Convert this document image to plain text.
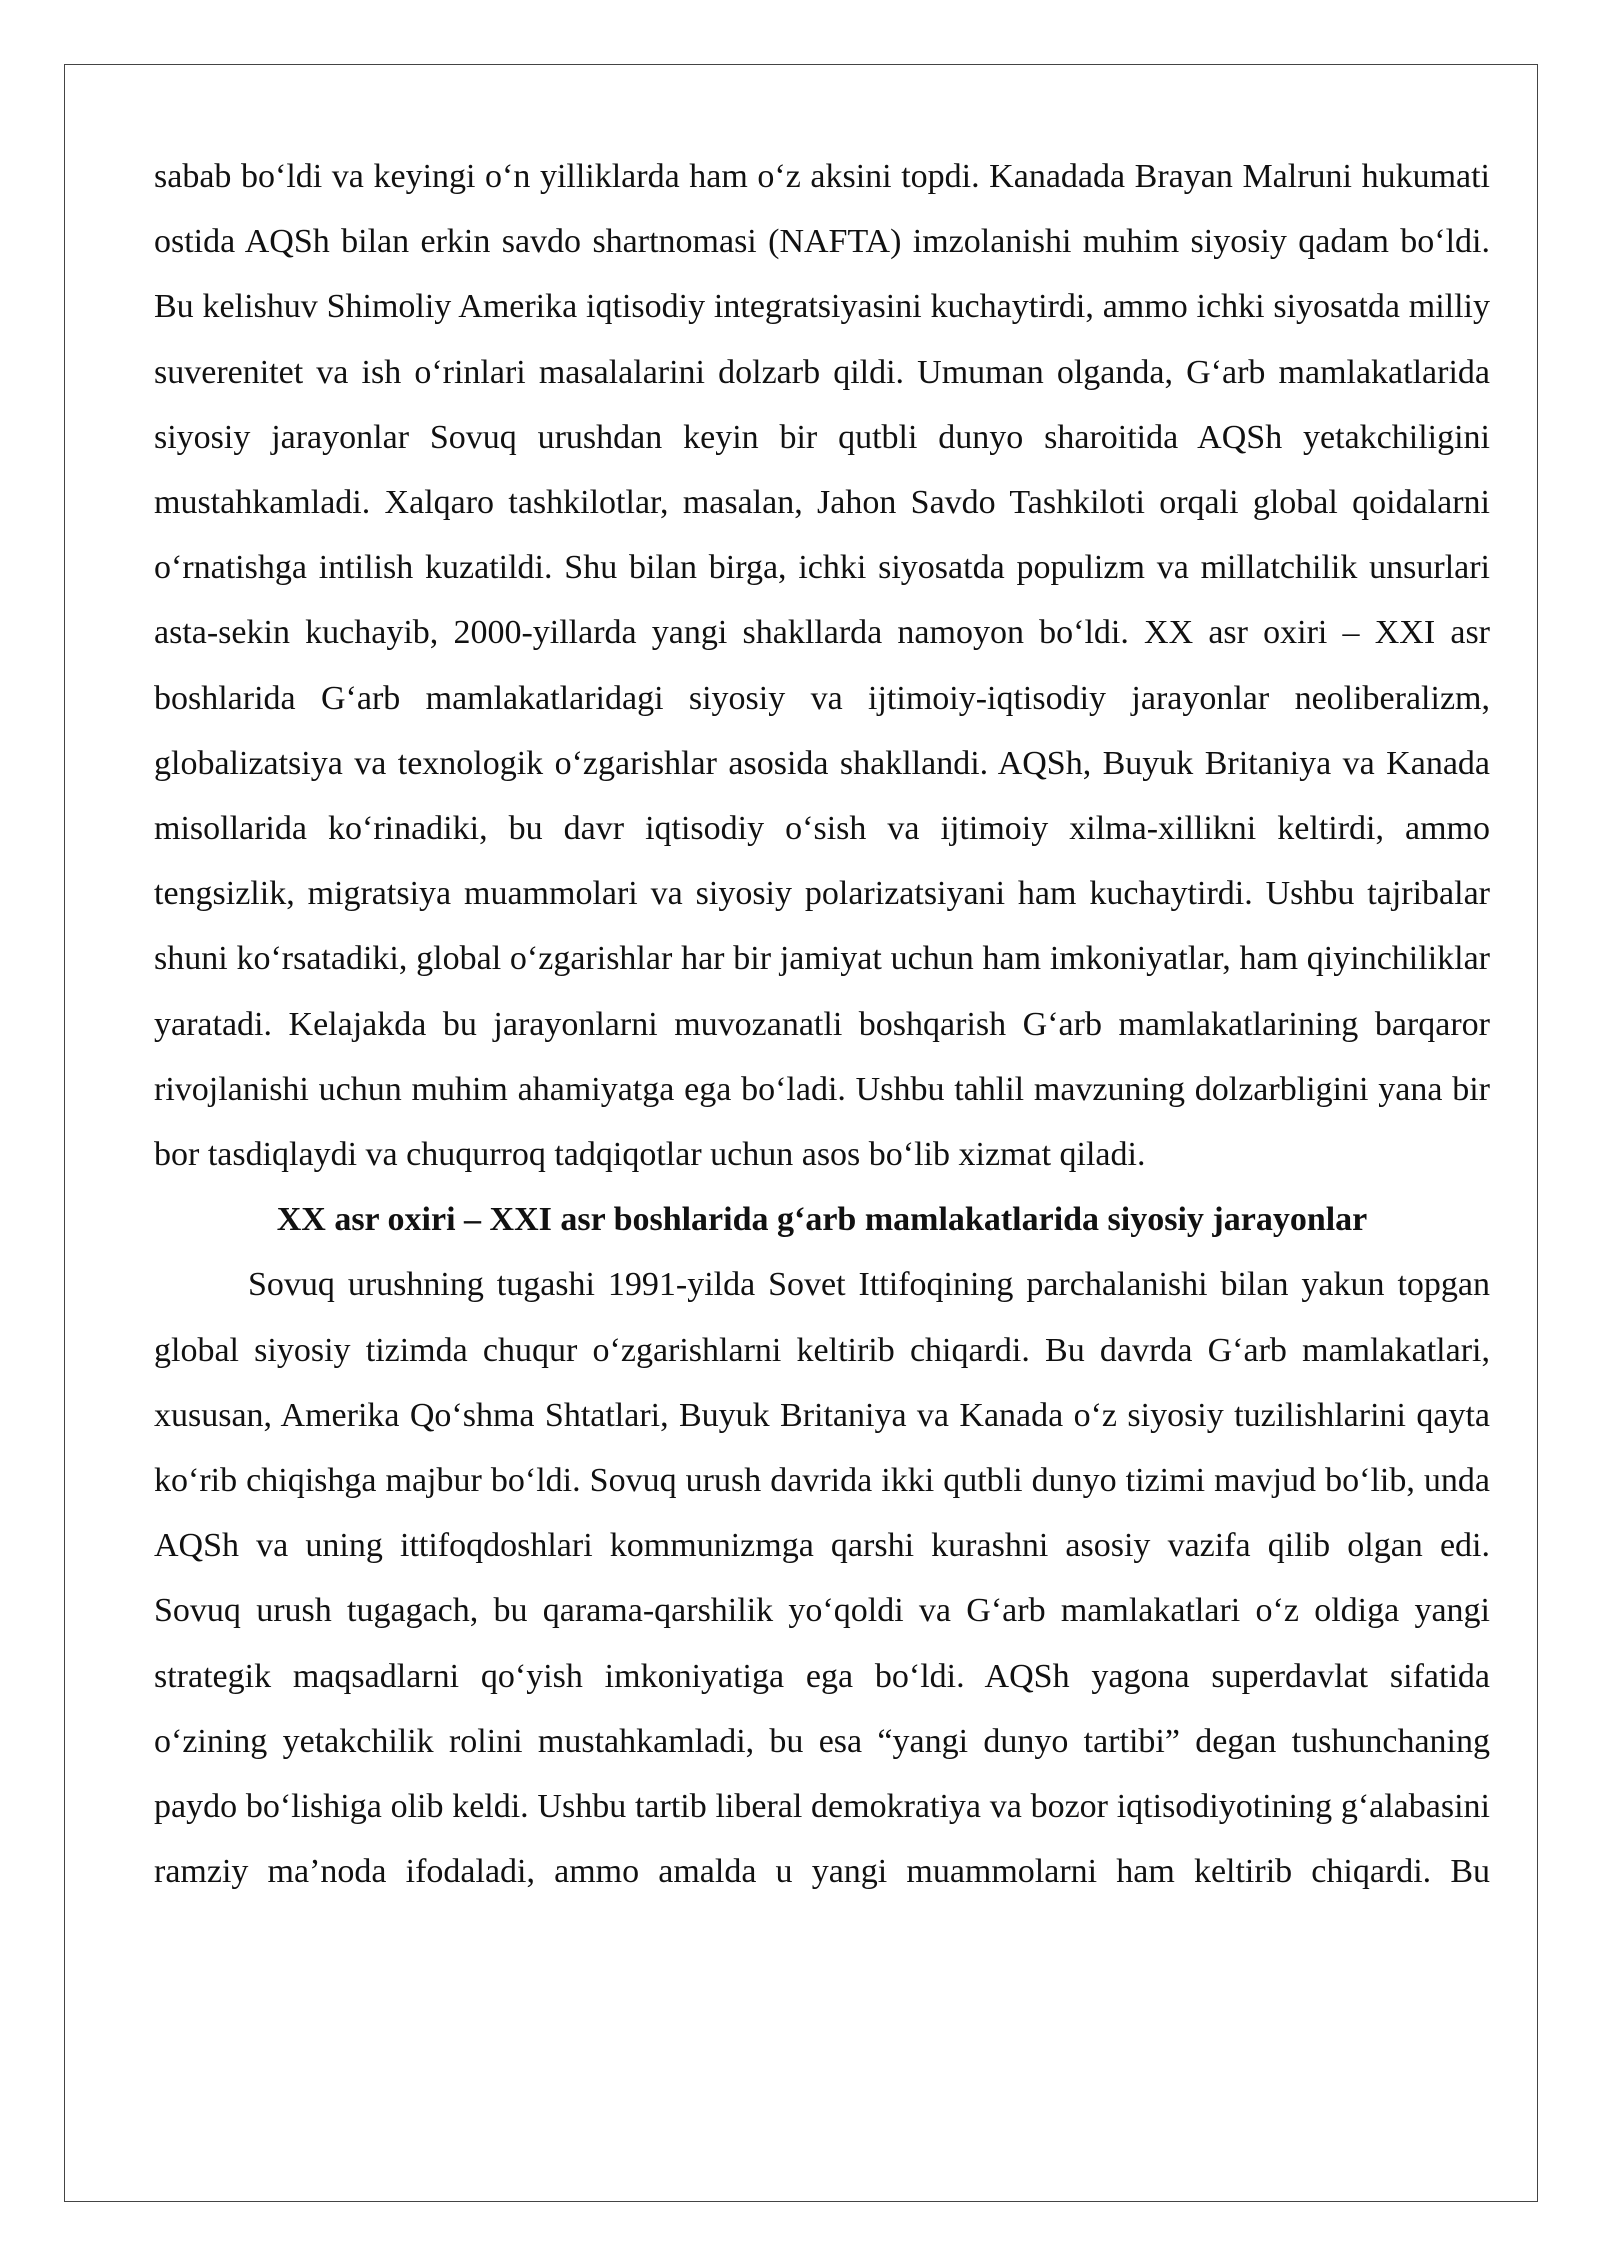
sabab bo‘ldi va keyingi o‘n yilliklarda ham o‘z aksini topdi. Kanadada Brayan Malruni hukumati ostida AQSh bilan erkin savdo shartnomasi (NAFTA) imzolanishi muhim siyosiy qadam bo‘ldi. Bu kelishuv Shimoliy Amerika iqtisodiy integratsiyasini kuchaytirdi, ammo ichki siyosatda milliy suverenitet va ish o‘rinlari masalalarini dolzarb qildi. Umuman olganda, G‘arb mamlakatlarida siyosiy jarayonlar Sovuq urushdan keyin bir qutbli dunyo sharoitida AQSh yetakchiligini mustahkamladi. Xalqaro tashkilotlar, masalan, Jahon Savdo Tashkiloti orqali global qoidalarni o‘rnatishga intilish kuzatildi. Shu bilan birga, ichki siyosatda populizm va millatchilik unsurlari asta-sekin kuchayib, 2000-yillarda yangi shakllarda namoyon bo‘ldi. XX asr oxiri – XXI asr boshlarida G‘arb mamlakatlaridagi siyosiy va ijtimoiy-iqtisodiy jarayonlar neoliberalizm, globalizatsiya va texnologik o‘zgarishlar asosida shakllandi. AQSh, Buyuk Britaniya va Kanada misollarida ko‘rinadiki, bu davr iqtisodiy o‘sish va ijtimoiy xilma-xillikni keltirdi, ammo tengsizlik, migratsiya muammolari va siyosiy polarizatsiyani ham kuchaytirdi. Ushbu tajribalar shuni ko‘rsatadiki, global o‘zgarishlar har bir jamiyat uchun ham imkoniyatlar, ham qiyinchiliklar yaratadi. Kelajakda bu jarayonlarni muvozanatli boshqarish G‘arb mamlakatlarining barqaror rivojlanishi uchun muhim ahamiyatga ega bo‘ladi. Ushbu tahlil mavzuning dolzarbligini yana bir bor tasdiqlaydi va chuqurroq tadqiqotlar uchun asos bo‘lib xizmat qiladi.

XX asr oxiri – XXI asr boshlarida g‘arb mamlakatlarida siyosiy jarayonlar

Sovuq urushning tugashi 1991-yilda Sovet Ittifoqining parchalanishi bilan yakun topgan global siyosiy tizimda chuqur o‘zgarishlarni keltirib chiqardi. Bu davrda G‘arb mamlakatlari, xususan, Amerika Qo‘shma Shtatlari, Buyuk Britaniya va Kanada o‘z siyosiy tuzilishlarini qayta ko‘rib chiqishga majbur bo‘ldi. Sovuq urush davrida ikki qutbli dunyo tizimi mavjud bo‘lib, unda AQSh va uning ittifoqdoshlari kommunizmga qarshi kurashni asosiy vazifa qilib olgan edi. Sovuq urush tugagach, bu qarama-qarshilik yo‘qoldi va G‘arb mamlakatlari o‘z oldiga yangi strategik maqsadlarni qo‘yish imkoniyatiga ega bo‘ldi. AQSh yagona superdavlat sifatida o‘zining yetakchilik rolini mustahkamladi, bu esa “yangi dunyo tartibi” degan tushunchaning paydo bo‘lishiga olib keldi. Ushbu tartib liberal demokratiya va bozor iqtisodiyotining g‘alabasini ramziy ma’noda ifodaladi, ammo amalda u yangi muammolarni ham keltirib chiqardi. Bu
